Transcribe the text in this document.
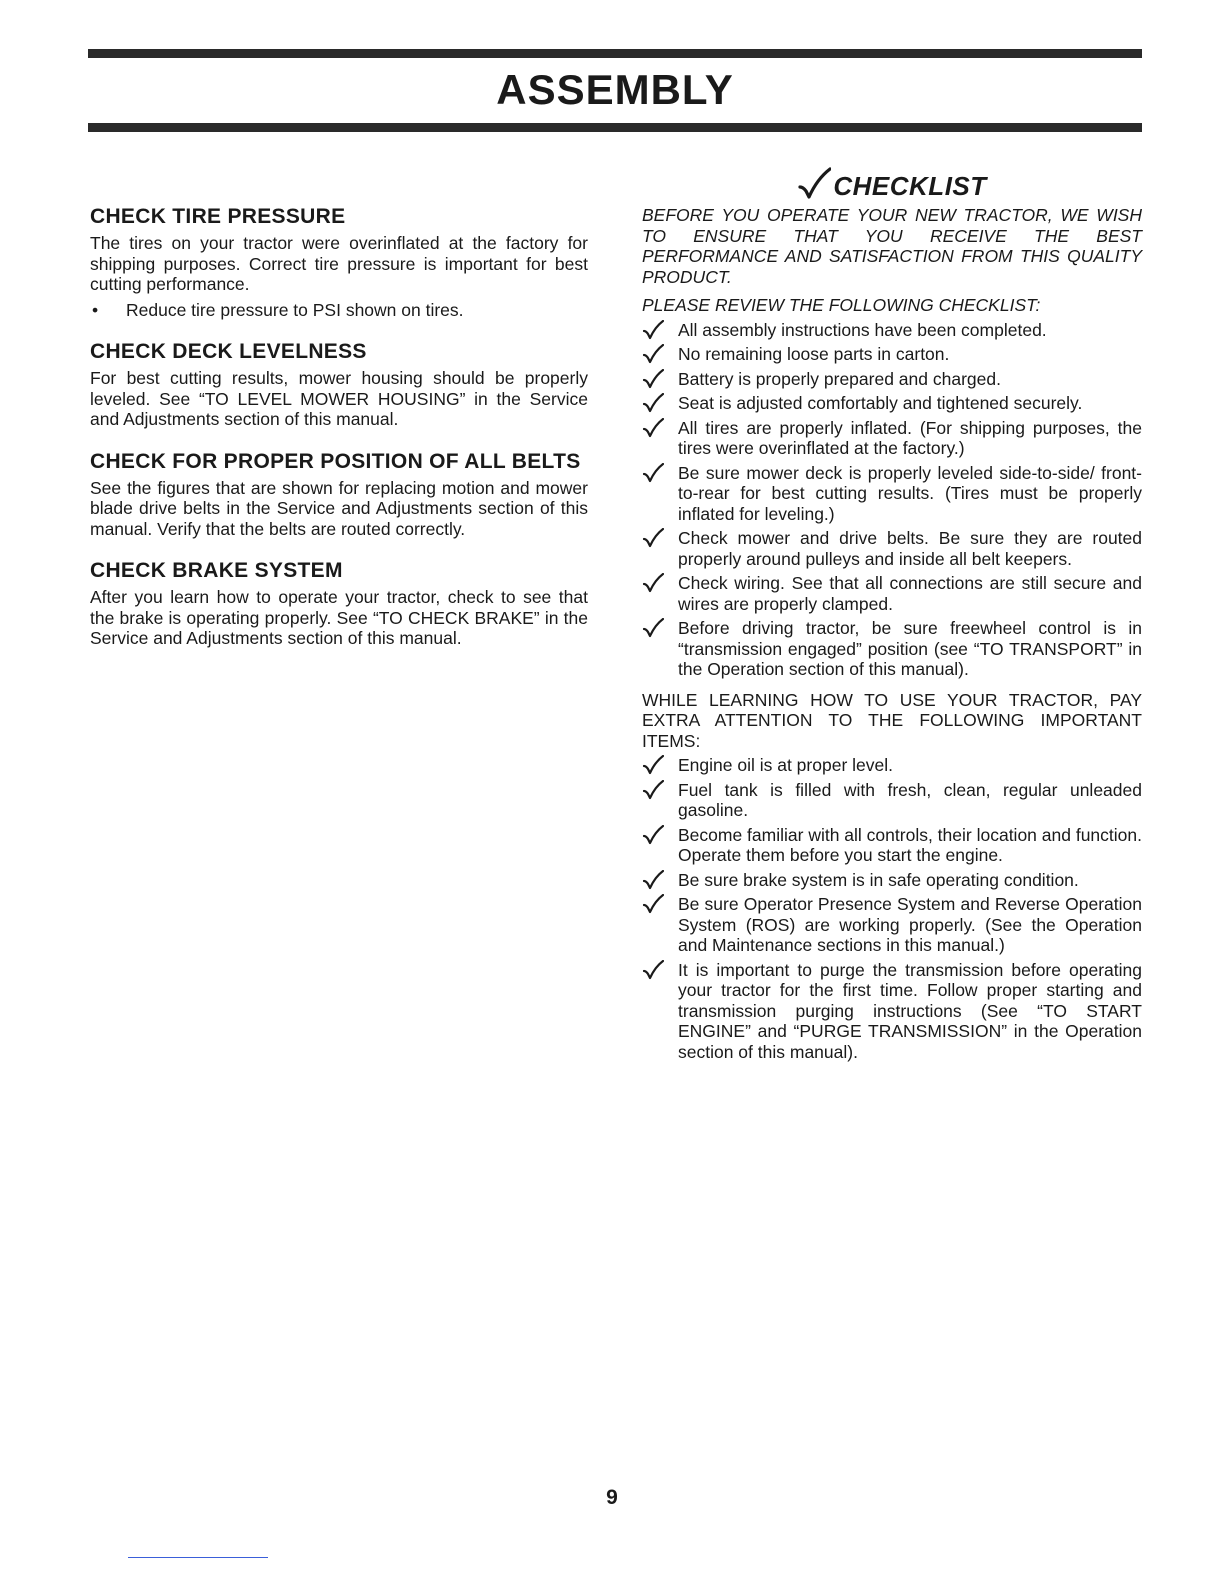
ASSEMBLY
CHECK TIRE PRESSURE

The tires on your tractor were overinflated at the factory for shipping purposes. Correct tire pressure is important for best cutting performance.

•	Reduce tire pressure to PSI shown on tires.
CHECK DECK LEVELNESS

For best cutting results, mower housing should be properly leveled. See “TO LEVEL MOWER HOUSING” in the Service and Adjustments section of this manual.

CHECK FOR PROPER POSITION OF ALL BELTS

See the figures that are shown for replacing motion and mower blade drive belts in the Service and Adjustments section of this manual. Verify that the belts are routed correctly.

CHECK BRAKE SYSTEM

After you learn how to operate your tractor, check to see that the brake is operating properly. See “TO CHECK BRAKE” in the Service and Adjustments section of this manual.

CHECKLIST

BEFORE YOU OPERATE YOUR NEW TRACTOR, WE WISH TO ENSURE THAT YOU RECEIVE THE BEST PERFORMANCE AND SATISFACTION FROM THIS QUALITY PRODUCT.

PLEASE REVIEW THE FOLLOWING CHECKLIST:

All assembly instructions have been completed.
No remaining loose parts in carton.
Battery is properly prepared and charged.
Seat is adjusted comfortably and tightened securely.
All tires are properly inflated. (For shipping purposes, the tires were overinflated at the factory.)
Be sure mower deck is properly leveled side-to-side/ front-to-rear for best cutting results. (Tires must be properly inflated for leveling.)
Check mower and drive belts. Be sure they are routed properly around pulleys and inside all belt keepers.
Check wiring. See that all connections are still secure and wires are properly clamped.
Before driving tractor, be sure freewheel control is in “transmission engaged” position (see “TO TRANSPORT” in the Operation section of this manual).

WHILE LEARNING HOW TO USE YOUR TRACTOR, PAY EXTRA ATTENTION TO THE FOLLOWING IMPORTANT ITEMS:

Engine oil is at proper level.
Fuel tank is filled with fresh, clean, regular unleaded gasoline.
Become familiar with all controls, their location and function. Operate them before you start the engine.
Be sure brake system is in safe operating condition.
Be sure Operator Presence System and Reverse Operation System (ROS) are working properly. (See the Operation and Maintenance sections in this manual.)
It is important to purge the transmission before operating your tractor for the first time. Follow proper starting and transmission purging instructions (See “TO START ENGINE” and “PURGE TRANSMISSION” in the Operation section of this manual).

9
